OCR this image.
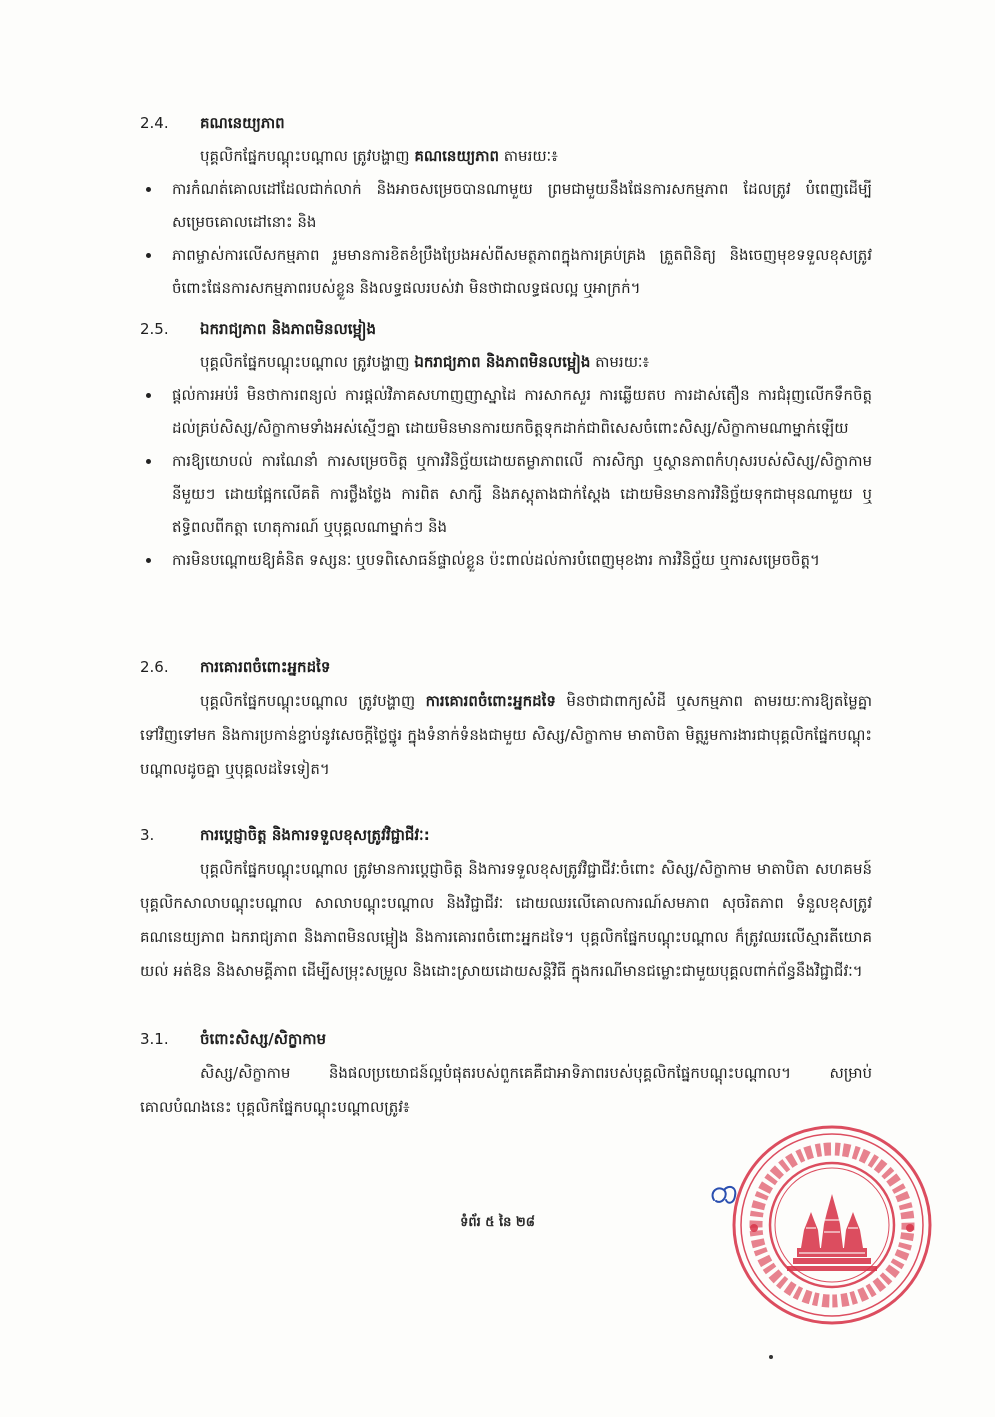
2.4.	គណនេយ្យភាព
បុគ្គលិកផ្នែកបណ្តុះបណ្តាល ត្រូវបង្ហាញ គណនេយ្យភាព តាមរយៈ៖
ការកំណត់គោលដៅដែលជាក់លាក់ និងអាចសម្រេចបានណាមួយ ព្រមជាមួយនឹងផែនការសកម្មភាព ដែលត្រូវ បំពេញដើម្បីសម្រេចគោលដៅនោះ និង
ភាពម្ចាស់ការលើសកម្មភាព រួមមានការខិតខំប្រឹងប្រែងអស់ពីសមត្ថភាពក្នុងការគ្រប់គ្រង ត្រួតពិនិត្យ និងចេញមុខទទួលខុសត្រូវចំពោះផែនការសកម្មភាពរបស់ខ្លួន និងលទ្ធផលរបស់វា មិនថាជាលទ្ធផលល្អ ឬអាក្រក់។
2.5.	ឯករាជ្យភាព និងភាពមិនលម្អៀង
បុគ្គលិកផ្នែកបណ្តុះបណ្តាល ត្រូវបង្ហាញ ឯករាជ្យភាព និងភាពមិនលម្អៀង តាមរយៈ៖
ផ្តល់ការអប់រំ មិនថាការពន្យល់ ការផ្តល់វិភាគសហាញញាស្នាដៃ ការសាកសួរ ការឆ្លើយតប ការដាស់តឿន ការជំរុញលើកទឹកចិត្ត ដល់គ្រប់សិស្ស/សិក្ខាកាមទាំងអស់ស្មើៗគ្នា ដោយមិនមានការយកចិត្តទុកដាក់ជាពិសេសចំពោះសិស្ស/សិក្ខាកាមណាម្នាក់ឡើយ
ការឱ្យយោបល់ ការណែនាំ ការសម្រេចចិត្ត ឬការវិនិច្ឆ័យដោយតម្លាភាពលើ ការសិក្សា ឬស្ថានភាពកំហុសរបស់សិស្ស/សិក្ខាកាមនីមួយៗ ដោយផ្អែកលើគតិ ការថ្លឹងថ្លែង ការពិត សាក្សី និងភស្តុតាងជាក់ស្តែង ដោយមិនមានការវិនិច្ឆ័យទុកជាមុនណាមួយ ឬឥទ្ធិពលពីកត្តា ហេតុការណ៍ ឬបុគ្គលណាម្នាក់ៗ និង
ការមិនបណ្តោយឱ្យគំនិត ទស្សនៈ ឬបទពិសោធន៍ផ្ទាល់ខ្លួន ប៉ះពាល់ដល់ការបំពេញមុខងារ ការវិនិច្ឆ័យ ឬការសម្រេចចិត្ត។
2.6.	ការគោរពចំពោះអ្នកដទៃ

បុគ្គលិកផ្នែកបណ្តុះបណ្តាល ត្រូវបង្ហាញ ការគោរពចំពោះអ្នកដទៃ មិនថាជាពាក្យសំដី ឬសកម្មភាព តាមរយៈការឱ្យតម្លៃគ្នាទៅវិញទៅមក និងការប្រកាន់ខ្ជាប់នូវសេចក្តីថ្លៃថ្នូរ ក្នុងទំនាក់ទំនងជាមួយ សិស្ស/សិក្ខាកាម មាតាបិតា មិត្តរួមការងារជាបុគ្គលិកផ្នែកបណ្តុះបណ្តាលដូចគ្នា ឬបុគ្គលដទៃទៀត។

3.	ការប្តេជ្ញាចិត្ត និងការទទួលខុសត្រូវវិជ្ជាជីវៈ:

បុគ្គលិកផ្នែកបណ្តុះបណ្តាល ត្រូវមានការប្តេជ្ញាចិត្ត និងការទទួលខុសត្រូវវិជ្ជាជីវៈចំពោះ សិស្ស/សិក្ខាកាម មាតាបិតា សហគមន៍ បុគ្គលិកសាលាបណ្តុះបណ្តាល សាលាបណ្តុះបណ្តាល និងវិជ្ជាជីវៈ ដោយឈរលើគោលការណ៍សមភាព សុចរិតភាព ទំនួលខុសត្រូវ គណនេយ្យភាព ឯករាជ្យភាព និងភាពមិនលម្អៀង និងការគោរពចំពោះអ្នកដទៃ។ បុគ្គលិកផ្នែកបណ្តុះបណ្តាល ក៏ត្រូវឈរលើស្មារតីយោគយល់ អត់ឱន និងសាមគ្គីភាព ដើម្បីសម្រុះសម្រួល និងដោះស្រាយដោយសន្តិវិធី ក្នុងករណីមានជម្លោះជាមួយបុគ្គលពាក់ព័ន្ធនឹងវិជ្ជាជីវៈ។

3.1.	ចំពោះសិស្ស/សិក្ខាកាម

សិស្ស/សិក្ខាកាម និងផលប្រយោជន៍ល្អបំផុតរបស់ពួកគេគឺជាអាទិភាពរបស់បុគ្គលិកផ្នែកបណ្តុះបណ្តាល។ សម្រាប់គោលបំណងនេះ បុគ្គលិកផ្នែកបណ្តុះបណ្តាលត្រូវ៖

ទំព័រ ៥ នៃ ២៨
